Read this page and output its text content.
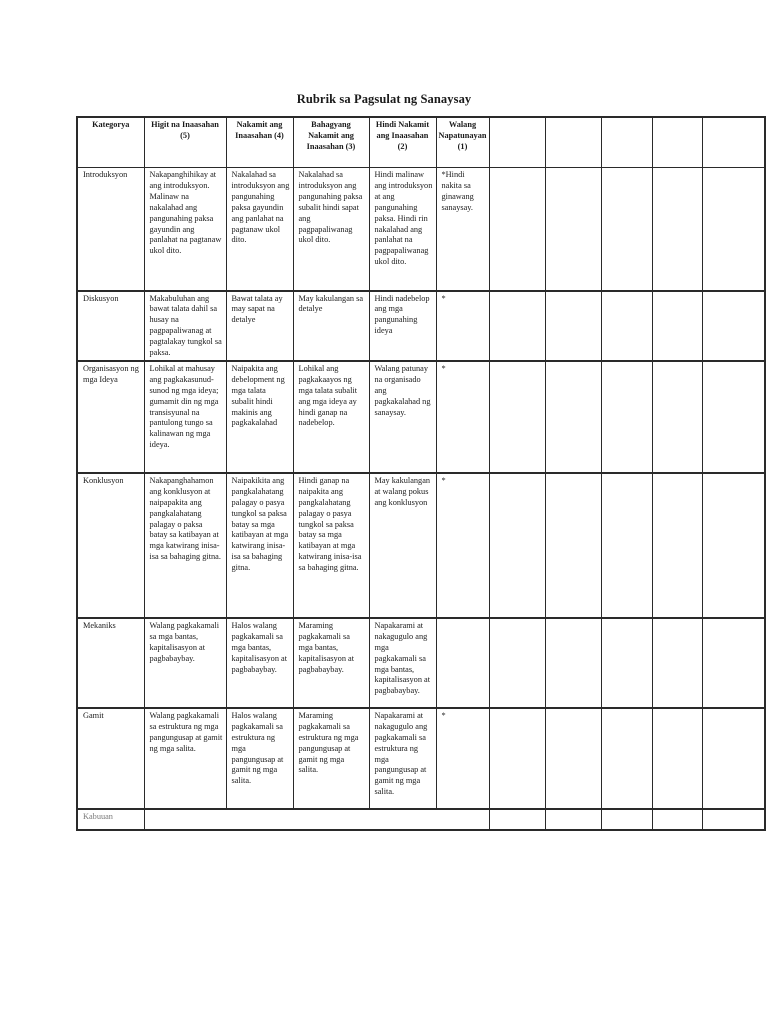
Rubrik sa Pagsulat ng Sanaysay
Kategorya	Higit na Inaasahan (5)	Nakamit ang Inaasahan (4)	Bahagyang Nakamit ang Inaasahan (3)	Hindi Nakamit ang Inaasahan (2)	Walang Napatunayan (1)					
Introduksyon	Nakapanghihikay at ang introduksyon. Malinaw na nakalahad ang pangunahing paksa gayundin ang panlahat na pagtanaw ukol dito.	Nakalahad sa introduksyon ang pangunahing paksa gayundin ang panlahat na pagtanaw ukol dito.	Nakalahad sa introduksyon ang pangunahing paksa subalit hindi sapat ang pagpapaliwanag ukol dito.	Hindi malinaw ang introduksyon at ang pangunahing paksa. Hindi rin nakalahad ang panlahat na pagpapaliwanag ukol dito.	*Hindi nakita sa ginawang sanaysay.					
Diskusyon	Makabuluhan ang bawat talata dahil sa husay na pagpapaliwanag at pagtalakay tungkol sa paksa.	Bawat talata ay may sapat na detalye	May kakulangan sa detalye	Hindi nadebelop ang mga pangunahing ideya	*					
Organisasyon ng mga Ideya	Lohikal at mahusay ang pagkakasunud-sunod ng mga ideya; gumamit din ng mga transisyunal na pantulong tungo sa kalinawan ng mga ideya.	Naipakita ang debelopment ng mga talata subalit hindi makinis ang pagkakalahad	Lohikal ang pagkakaayos ng mga talata subalit ang mga ideya ay hindi ganap na nadebelop.	Walang patunay na organisado ang pagkakalahad ng sanaysay.	*					
Konklusyon	Nakapanghahamon ang konklusyon at naipapakita ang pangkalahatang palagay o paksa batay sa katibayan at mga katwirang inisa-isa sa bahaging gitna.	Naipakikita ang pangkalahatang palagay o pasya tungkol sa paksa batay sa mga katibayan at mga katwirang inisa-isa sa bahaging gitna.	Hindi ganap na naipakita ang pangkalahatang palagay o pasya tungkol sa paksa batay sa mga katibayan at mga katwirang inisa-isa sa bahaging gitna.	May kakulangan at walang pokus ang konklusyon	*					
Mekaniks	Walang pagkakamali sa mga bantas, kapitalisasyon at pagbabaybay.	Halos walang pagkakamali sa mga bantas, kapitalisasyon at pagbabaybay.	Maraming pagkakamali sa mga bantas, kapitalisasyon at pagbabaybay.	Napakarami at nakagugulo ang mga pagkakamali sa mga bantas, kapitalisasyon at pagbabaybay.						
Gamit	Walang pagkakamali sa estruktura ng mga pangungusap at gamit ng mga salita.	Halos walang pagkakamali sa estruktura ng mga pangungusap at gamit ng mga salita.	Maraming pagkakamali sa estruktura ng mga pangungusap at gamit ng mga salita.	Napakarami at nakagugulo ang pagkakamali sa estruktura ng mga pangungusap at gamit ng mga salita.	*					
Kabuuan										
